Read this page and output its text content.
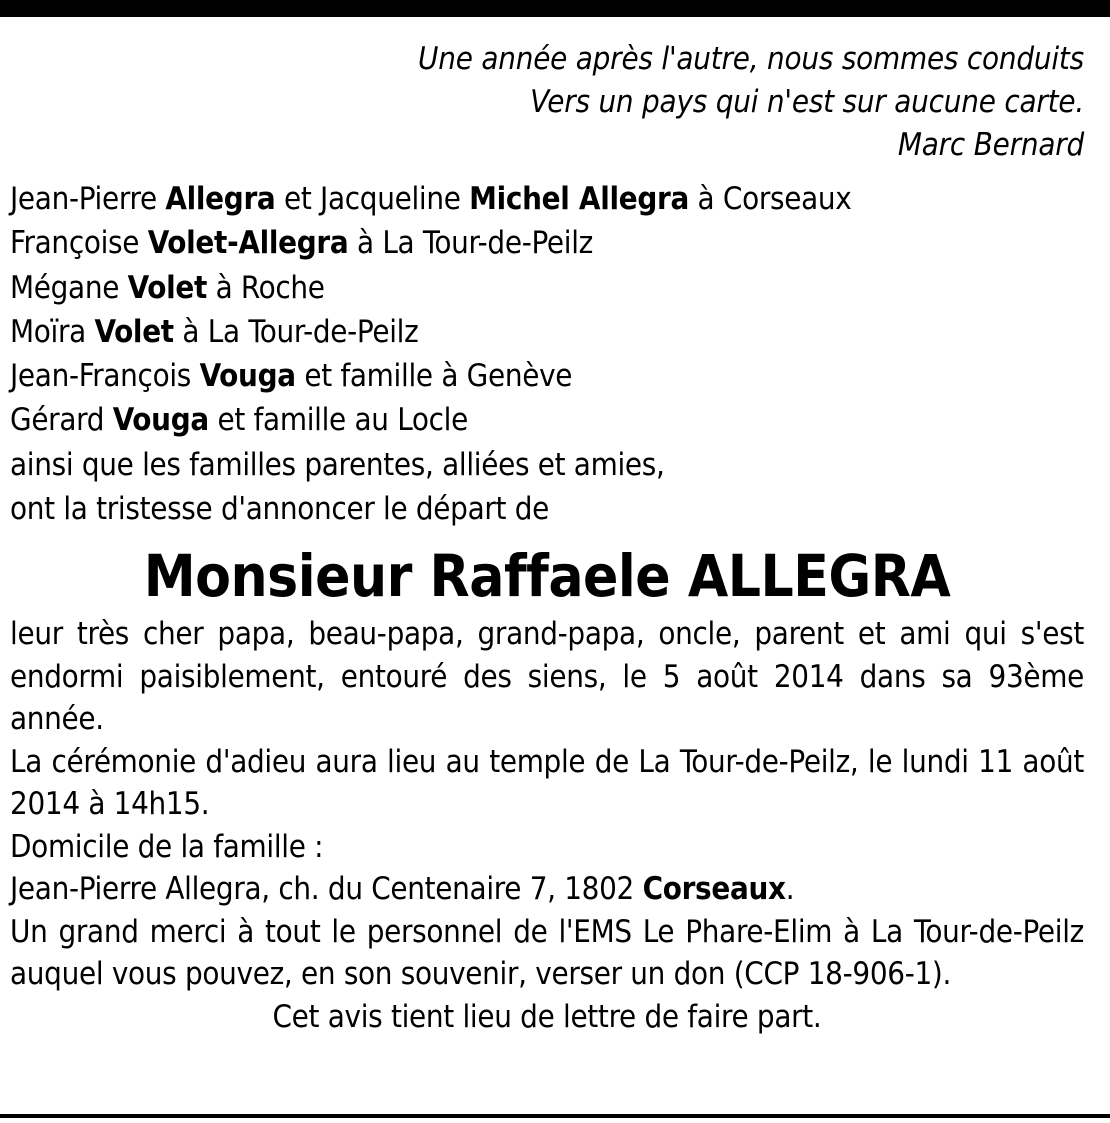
Une année après l'autre, nous sommes conduits
Vers un pays qui n'est sur aucune carte.
Marc Bernard
Jean-Pierre Allegra et Jacqueline Michel Allegra à Corseaux
Françoise Volet-Allegra à La Tour-de-Peilz
Mégane Volet à Roche
Moïra Volet à La Tour-de-Peilz
Jean-François Vouga et famille à Genève
Gérard Vouga et famille au Locle
ainsi que les familles parentes, alliées et amies,
ont la tristesse d'annoncer le départ de
Monsieur Raffaele ALLEGRA

leur très cher papa, beau-papa, grand-papa, oncle, parent et ami qui s'est endormi paisiblement, entouré des siens, le 5 août 2014 dans sa 93ème année.

La cérémonie d'adieu aura lieu au temple de La Tour-de-Peilz, le lundi 11 août 2014 à 14h15.

Domicile de la famille :

Jean-Pierre Allegra, ch. du Centenaire 7, 1802 Corseaux.

Un grand merci à tout le personnel de l'EMS Le Phare-Elim à La Tour-de-Peilz auquel vous pouvez, en son souvenir, verser un don (CCP 18-906-1).

Cet avis tient lieu de lettre de faire part.
